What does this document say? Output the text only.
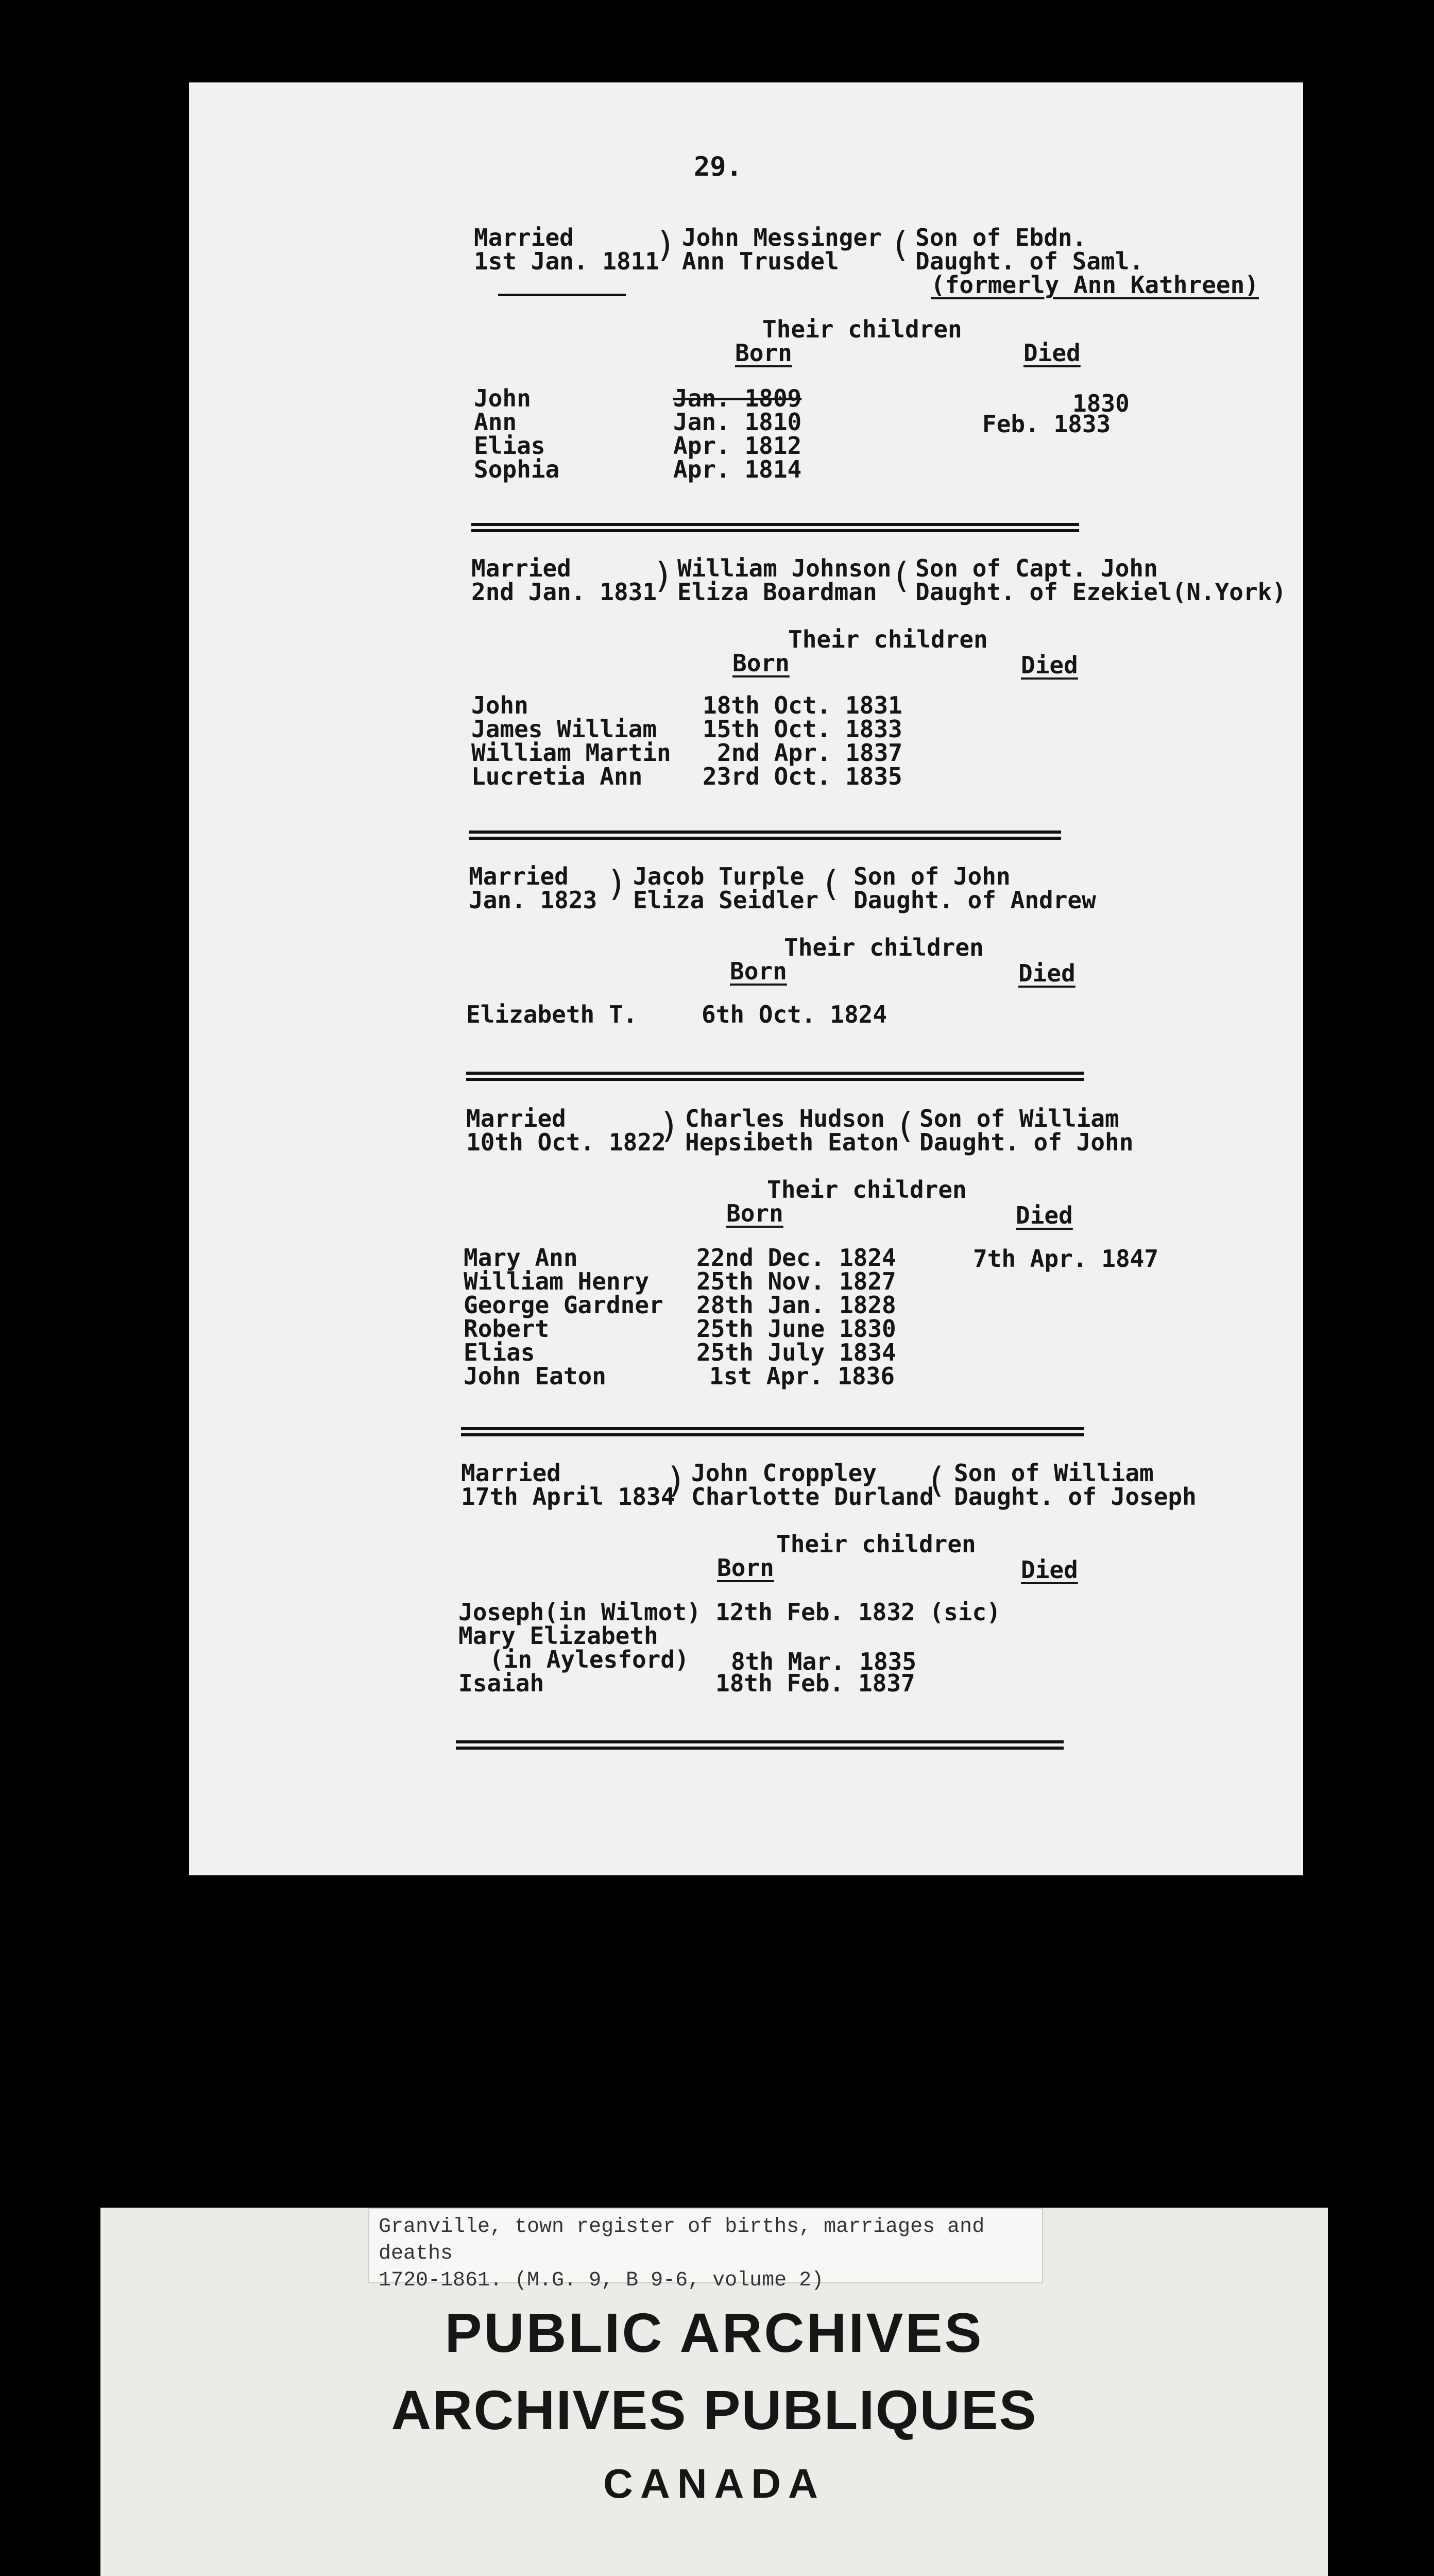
29.
Married
1st Jan. 1811
) John Messinger
Ann Trusdel ( Son of Ebdn.
Daught. of Saml.
(formerly Ann Kathreen)
Their children
Born	Died
John	Jan. 1809	1830
Ann	Jan. 1810	Feb. 1833
Elias	Apr. 1812
Sophia	Apr. 1814
Married
2nd Jan. 1831
) William Johnson
Eliza Boardman ( Son of Capt. John
Daught. of Ezekiel(N.York)
Their children
Born	Died
John	18th Oct. 1831
James William 15th Oct. 1833
William Martin 2nd Apr. 1837
Lucretia Ann	23rd Oct. 1835
Married
Jan. 1823 ) Jacob Turple
Eliza Seidler ( Son of John
Daught. of Andrew
Their children
Born	Died
Elizabeth T.	6th Oct. 1824
Married
10th Oct. 1822
) Charles Hudson
Hepsibeth Eaton
( Son of William
Daught. of John
Their children
Born	Died
Mary Ann	22nd Dec. 1824	7th Apr. 1847
William Henry 25th Nov. 1827
George Gardner 28th Jan. 1828
Robert	25th June 1830
Elias	25th July 1834
John Eaton	1st Apr. 1836
Married
17th April 1834
) John Croppley
Charlotte Durland
( Son of William
Daught. of Joseph
Their children
Born	Died
Joseph(in Wilmot) 12th Feb. 1832 (sic)
Mary Elizabeth
(in Aylesford) 8th Mar. 1835
Isaiah	18th Feb. 1837
Granville, town register of births, marriages and deaths
1720-1861. (M.G. 9, B 9-6, volume 2)
PUBLIC ARCHIVES
ARCHIVES PUBLIQUES
CANADA
